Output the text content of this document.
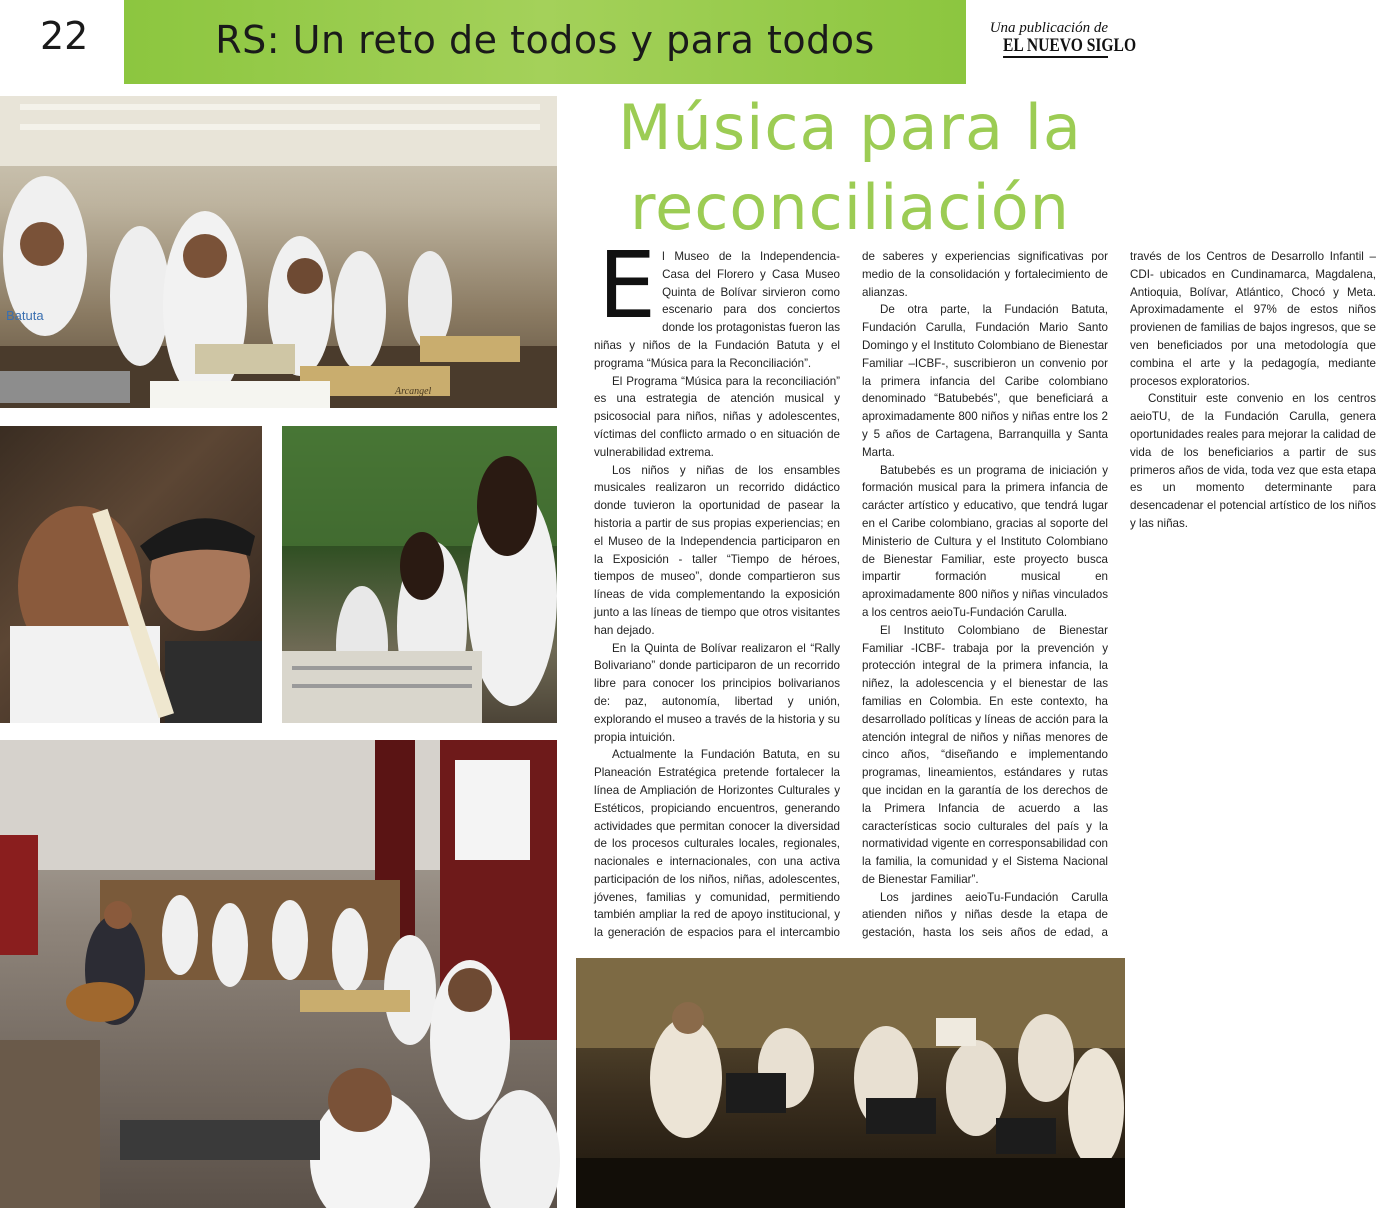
22	RS: Un reto de todos y para todos	Una publicación de
EL NUEVO SIGLO
Batuta
Arcangel
Música para la
reconciliación

El Museo de la Independencia- Casa del Florero y Casa Museo Quinta de Bolívar sirvieron como escenario para dos conciertos donde los protagonistas fueron las niñas y niños de la Fundación Batuta y el programa “Música para la Reconciliación”.

El Programa “Música para la reconciliación” es una estrategia de atención musical y psicosocial para niños, niñas y adolescentes, víctimas del conflicto armado o en situación de vulnerabilidad extrema.

Los niños y niñas de los ensambles musicales realizaron un recorrido didáctico donde tuvieron la oportunidad de pasear la historia a partir de sus propias experiencias; en el Museo de la Independencia participaron en la Exposición - taller “Tiempo de héroes, tiempos de museo”, donde compartieron sus líneas de vida complementando la exposición junto a las líneas de tiempo que otros visitantes han dejado.

En la Quinta de Bolívar realizaron el “Rally Bolivariano” donde participaron de un recorrido libre para conocer los principios bolivarianos de: paz, autonomía, libertad y unión, explorando el museo a través de la historia y su propia intuición.

Actualmente la Fundación Batuta, en su Planeación Estratégica pretende fortalecer la línea de Ampliación de Horizontes Culturales y Estéticos, propiciando encuentros, generando actividades que permitan conocer la diversidad de los procesos culturales locales, regionales, nacionales e internacionales, con una activa participación de los niños, niñas, adolescentes, jóvenes, familias y comunidad, permitiendo también ampliar la red de apoyo institucional, y la generación de espacios para el intercambio de saberes y experiencias significativas por medio de la consolidación y fortalecimiento de alianzas.

De otra parte, la Fundación Batuta, Fundación Carulla, Fundación Mario Santo Domingo y el Instituto Colombiano de Bienestar Familiar –ICBF-, suscribieron un convenio por la primera infancia del Caribe colombiano denominado “Batubebés”, que beneficiará a aproximadamente 800 niños y niñas entre los 2 y 5 años de Cartagena, Barranquilla y Santa Marta.

Batubebés es un programa de iniciación y formación musical para la primera infancia de carácter artístico y educativo, que tendrá lugar en el Caribe colombiano, gracias al soporte del Ministerio de Cultura y el Instituto Colombiano de Bienestar Familiar, este proyecto busca impartir formación musical en aproximadamente 800 niños y niñas vinculados a los centros aeioTu-Fundación Carulla.

El Instituto Colombiano de Bienestar Familiar -ICBF- trabaja por la prevención y protección integral de la primera infancia, la niñez, la adolescencia y el bienestar de las familias en Colombia. En este contexto, ha desarrollado políticas y líneas de acción para la atención integral de niños y niñas menores de cinco años, “diseñando e implementando programas, lineamientos, estándares y rutas que incidan en la garantía de los derechos de la Primera Infancia de acuerdo a las características socio culturales del país y la normatividad vigente en corresponsabilidad con la familia, la comunidad y el Sistema Nacional de Bienestar Familiar”.

Los jardines aeioTu-Fundación Carulla atienden niños y niñas desde la etapa de gestación, hasta los seis años de edad, a través de los Centros de Desarrollo Infantil –CDI- ubicados en Cundinamarca, Magdalena, Antioquia, Bolívar, Atlántico, Chocó y Meta. Aproximadamente el 97% de estos niños provienen de familias de bajos ingresos, que se ven beneficiados por una metodología que combina el arte y la pedagogía, mediante procesos exploratorios.

Constituir este convenio en los centros aeioTU, de la Fundación Carulla, genera oportunidades reales para mejorar la calidad de vida de los beneficiarios a partir de sus primeros años de vida, toda vez que esta etapa es un momento determinante para desencadenar el potencial artístico de los niños y las niñas.
